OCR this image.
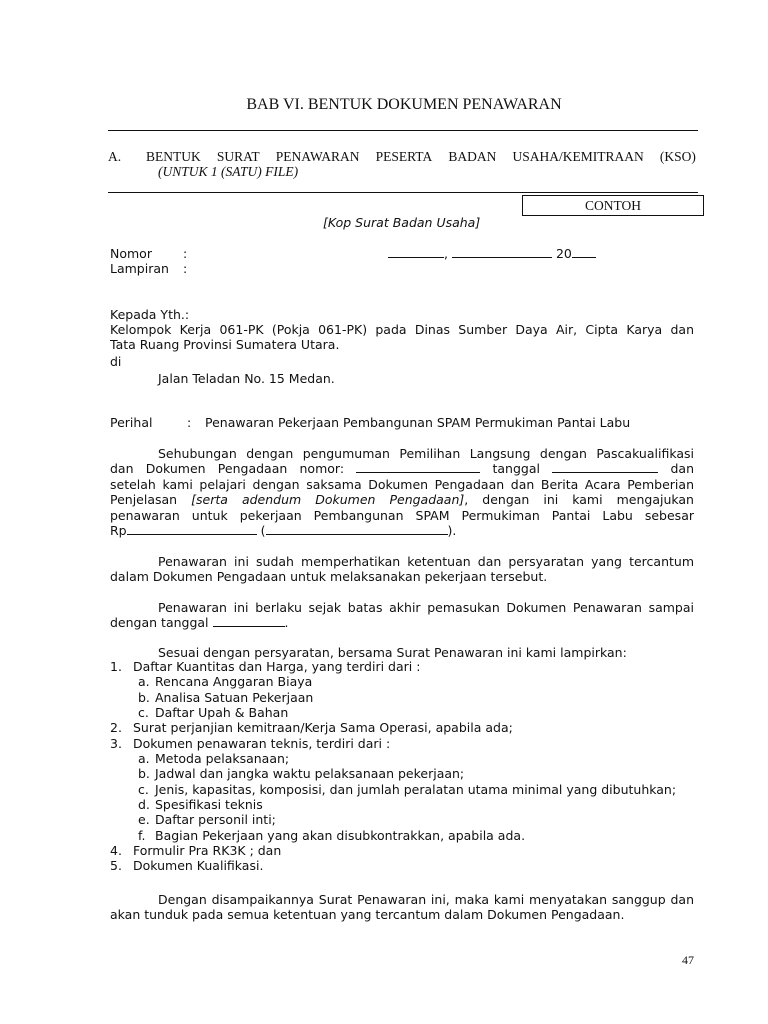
BAB VI. BENTUK DOKUMEN PENAWARAN
A. BENTUK SURAT PENAWARAN PESERTA BADAN USAHA/KEMITRAAN (KSO)
(UNTUK 1 (SATU) FILE)
CONTOH
[Kop Surat Badan Usaha]
Nomor :
Lampiran :
,	20
Kepada Yth.:
Kelompok Kerja 061-PK (Pokja 061-PK) pada Dinas Sumber Daya Air, Cipta Karya dan
Tata Ruang Provinsi Sumatera Utara.
di
Jalan Teladan No. 15 Medan.
Perihal	: Penawaran Pekerjaan Pembangunan SPAM Permukiman Pantai Labu
Sehubungan dengan pengumuman Pemilihan Langsung dengan Pascakualifikasi
dan Dokumen Pengadaan nomor:	tanggal	dan
setelah kami pelajari dengan saksama Dokumen Pengadaan dan Berita Acara Pemberian
Penjelasan [serta adendum Dokumen Pengadaan], dengan ini kami mengajukan
penawaran untuk pekerjaan Pembangunan SPAM Permukiman Pantai Labu sebesar
Rp	(	).
Penawaran ini sudah memperhatikan ketentuan dan persyaratan yang tercantum
dalam Dokumen Pengadaan untuk melaksanakan pekerjaan tersebut.
Penawaran ini berlaku sejak batas akhir pemasukan Dokumen Penawaran sampai
dengan tanggal	.
Sesuai dengan persyaratan, bersama Surat Penawaran ini kami lampirkan:
1. Daftar Kuantitas dan Harga, yang terdiri dari :
a. Rencana Anggaran Biaya
b. Analisa Satuan Pekerjaan
c. Daftar Upah & Bahan
2. Surat perjanjian kemitraan/Kerja Sama Operasi, apabila ada;
3. Dokumen penawaran teknis, terdiri dari :
a. Metoda pelaksanaan;
b. Jadwal dan jangka waktu pelaksanaan pekerjaan;
c. Jenis, kapasitas, komposisi, dan jumlah peralatan utama minimal yang dibutuhkan;
d. Spesifikasi teknis
e. Daftar personil inti;
f. Bagian Pekerjaan yang akan disubkontrakkan, apabila ada.
4. Formulir Pra RK3K ; dan
5. Dokumen Kualifikasi.
Dengan disampaikannya Surat Penawaran ini, maka kami menyatakan sanggup dan
akan tunduk pada semua ketentuan yang tercantum dalam Dokumen Pengadaan.
47
